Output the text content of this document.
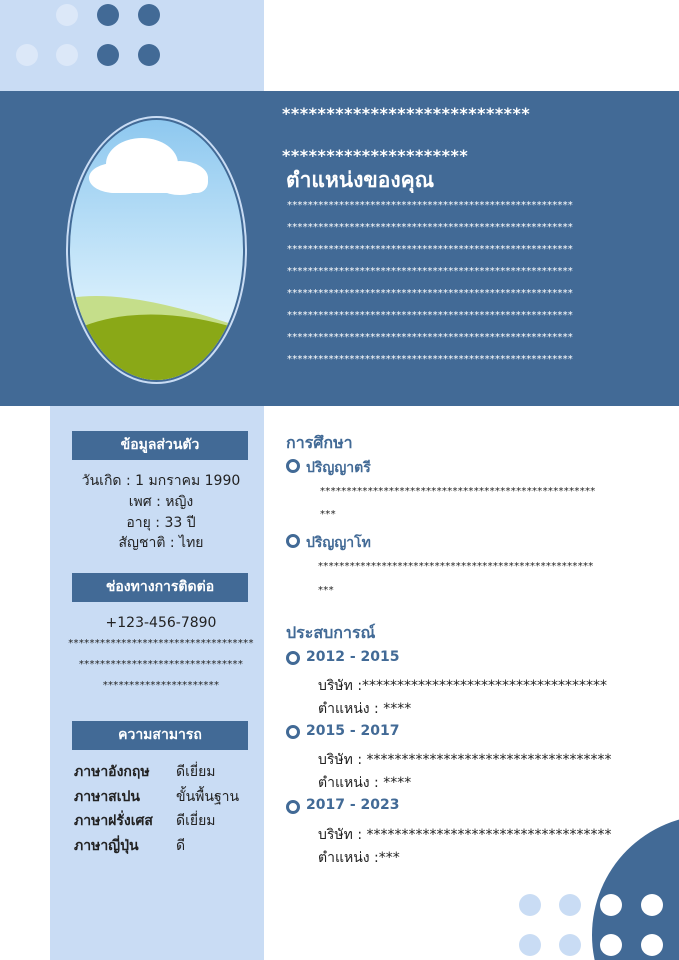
****************************
*********************
ตำแหน่งของคุณ
*******************************************************
*******************************************************
*******************************************************
*******************************************************
*******************************************************
*******************************************************
*******************************************************
*******************************************************
ข้อมูลส่วนตัว
วันเกิด : 1 มกราคม 1990
เพศ : หญิง
อายุ : 33 ปี
สัญชาติ : ไทย
ช่องทางการติดต่อ
+123-456-7890
***********************************
*******************************
**********************
ความสามารถ
ภาษาอังกฤษ ดีเยี่ยม
ภาษาสเปน	ขั้นพื้นฐาน
ภาษาฝรั่งเศส ดีเยี่ยม
ภาษาญี่ปุ่น	ดี
การศึกษา
ปริญญาตรี
****************************************************
***
ปริญญาโท
****************************************************
***
ประสบการณ์
2012 - 2015
บริษัท :***********************************
ตำแหน่ง : ****
2015 - 2017
บริษัท : ***********************************
ตำแหน่ง : ****
2017 - 2023
บริษัท : ***********************************
ตำแหน่ง :***
